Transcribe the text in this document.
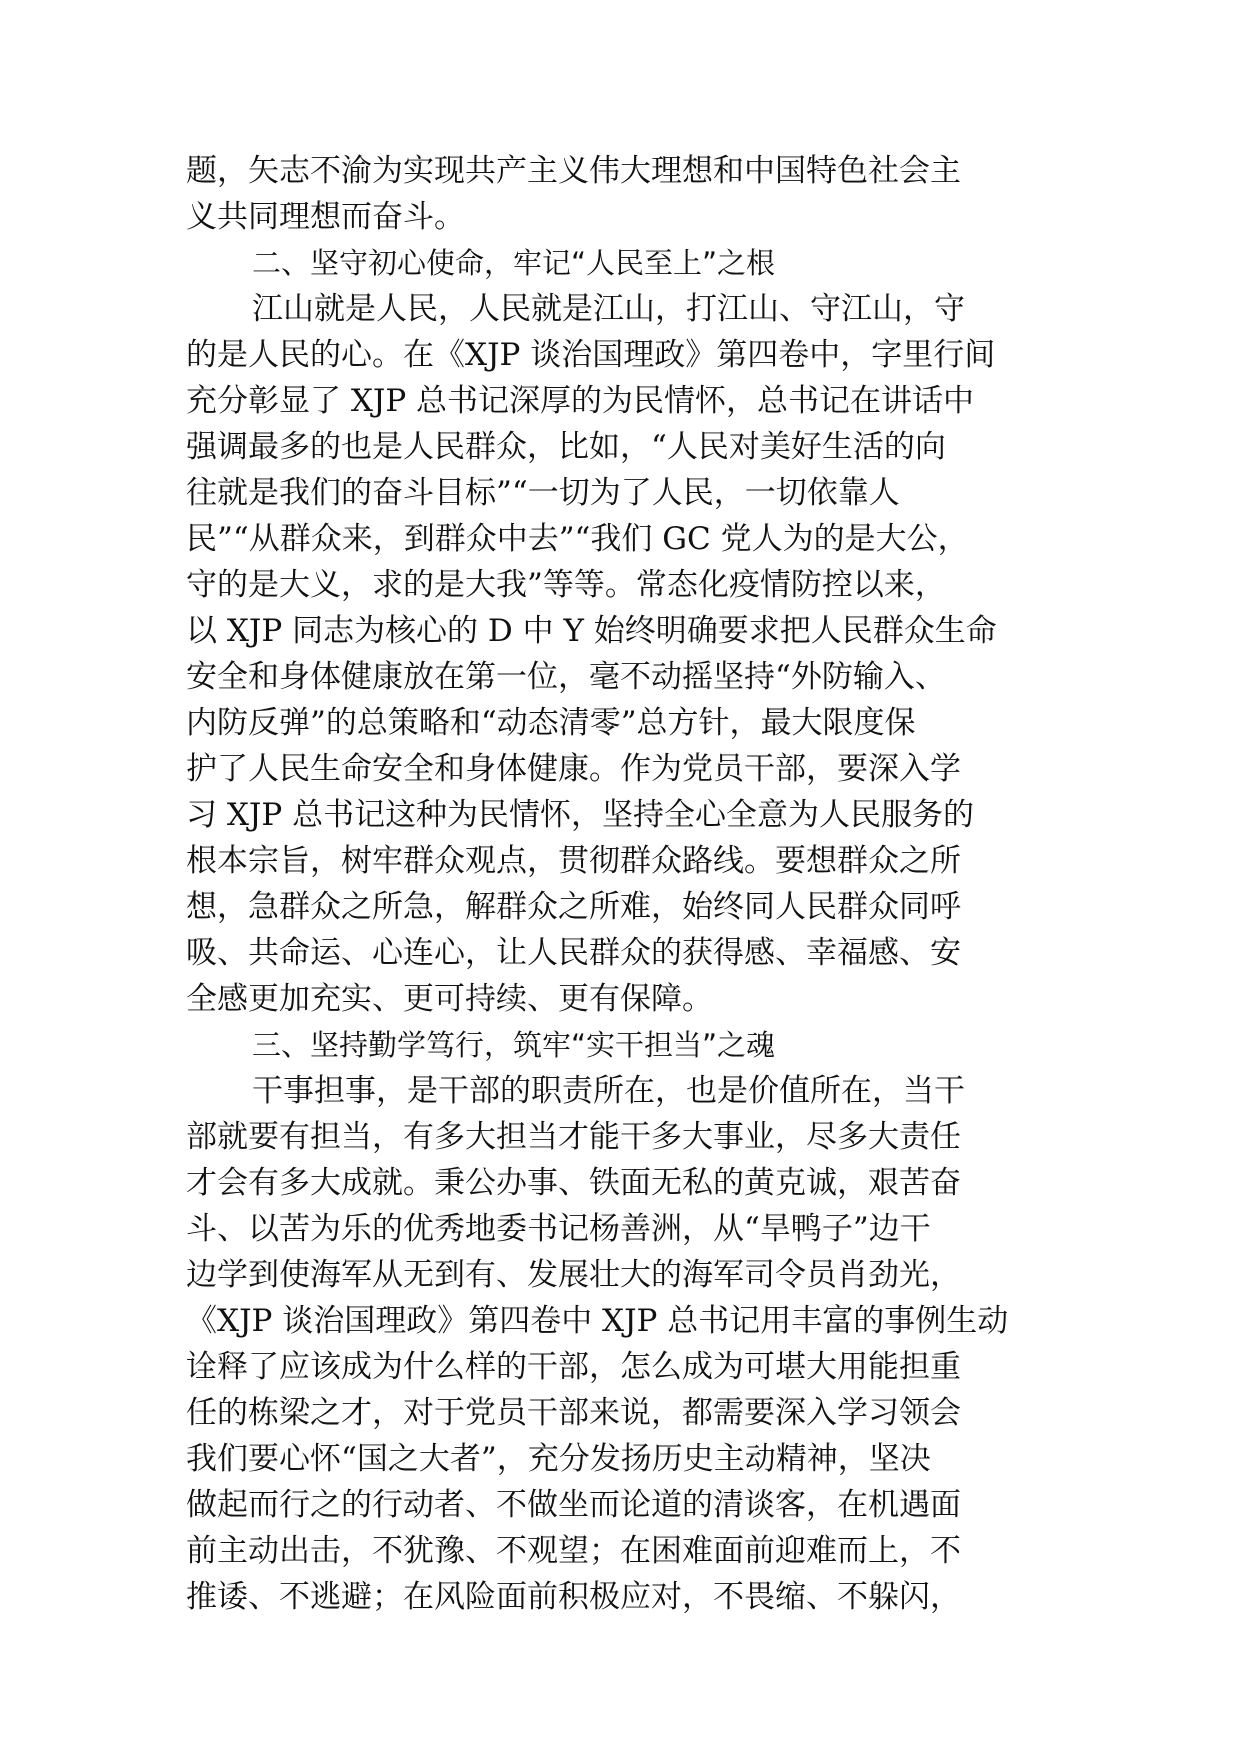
题，矢志不渝为实现共产主义伟大理想和中国特色社会主
义共同理想而奋斗。
二、坚守初心使命，牢记“人民至上”之根
江山就是人民，人民就是江山，打江山、守江山，守
的是人民的心。在《XJP 谈治国理政》第四卷中，字里行间
充分彰显了 XJP 总书记深厚的为民情怀，总书记在讲话中
强调最多的也是人民群众，比如，“人民对美好生活的向
往就是我们的奋斗目标”“一切为了人民，一切依靠人
民”“从群众来，到群众中去”“我们 GC 党人为的是大公，
守的是大义，求的是大我”等等。常态化疫情防控以来，
以 XJP 同志为核心的 D 中 Y 始终明确要求把人民群众生命
安全和身体健康放在第一位，毫不动摇坚持“外防输入、
内防反弹”的总策略和“动态清零”总方针，最大限度保
护了人民生命安全和身体健康。作为党员干部，要深入学
习 XJP 总书记这种为民情怀，坚持全心全意为人民服务的
根本宗旨，树牢群众观点，贯彻群众路线。要想群众之所
想，急群众之所急，解群众之所难，始终同人民群众同呼
吸、共命运、心连心，让人民群众的获得感、幸福感、安
全感更加充实、更可持续、更有保障。
三、坚持勤学笃行，筑牢“实干担当”之魂
干事担事，是干部的职责所在，也是价值所在，当干
部就要有担当，有多大担当才能干多大事业，尽多大责任
才会有多大成就。秉公办事、铁面无私的黄克诚，艰苦奋
斗、以苦为乐的优秀地委书记杨善洲，从“旱鸭子”边干
边学到使海军从无到有、发展壮大的海军司令员肖劲光，
《XJP 谈治国理政》第四卷中 XJP 总书记用丰富的事例生动
诠释了应该成为什么样的干部，怎么成为可堪大用能担重
任的栋梁之才，对于党员干部来说，都需要深入学习领会
我们要心怀“国之大者”，充分发扬历史主动精神，坚决
做起而行之的行动者、不做坐而论道的清谈客，在机遇面
前主动出击，不犹豫、不观望；在困难面前迎难而上，不
推诿、不逃避；在风险面前积极应对，不畏缩、不躲闪，
